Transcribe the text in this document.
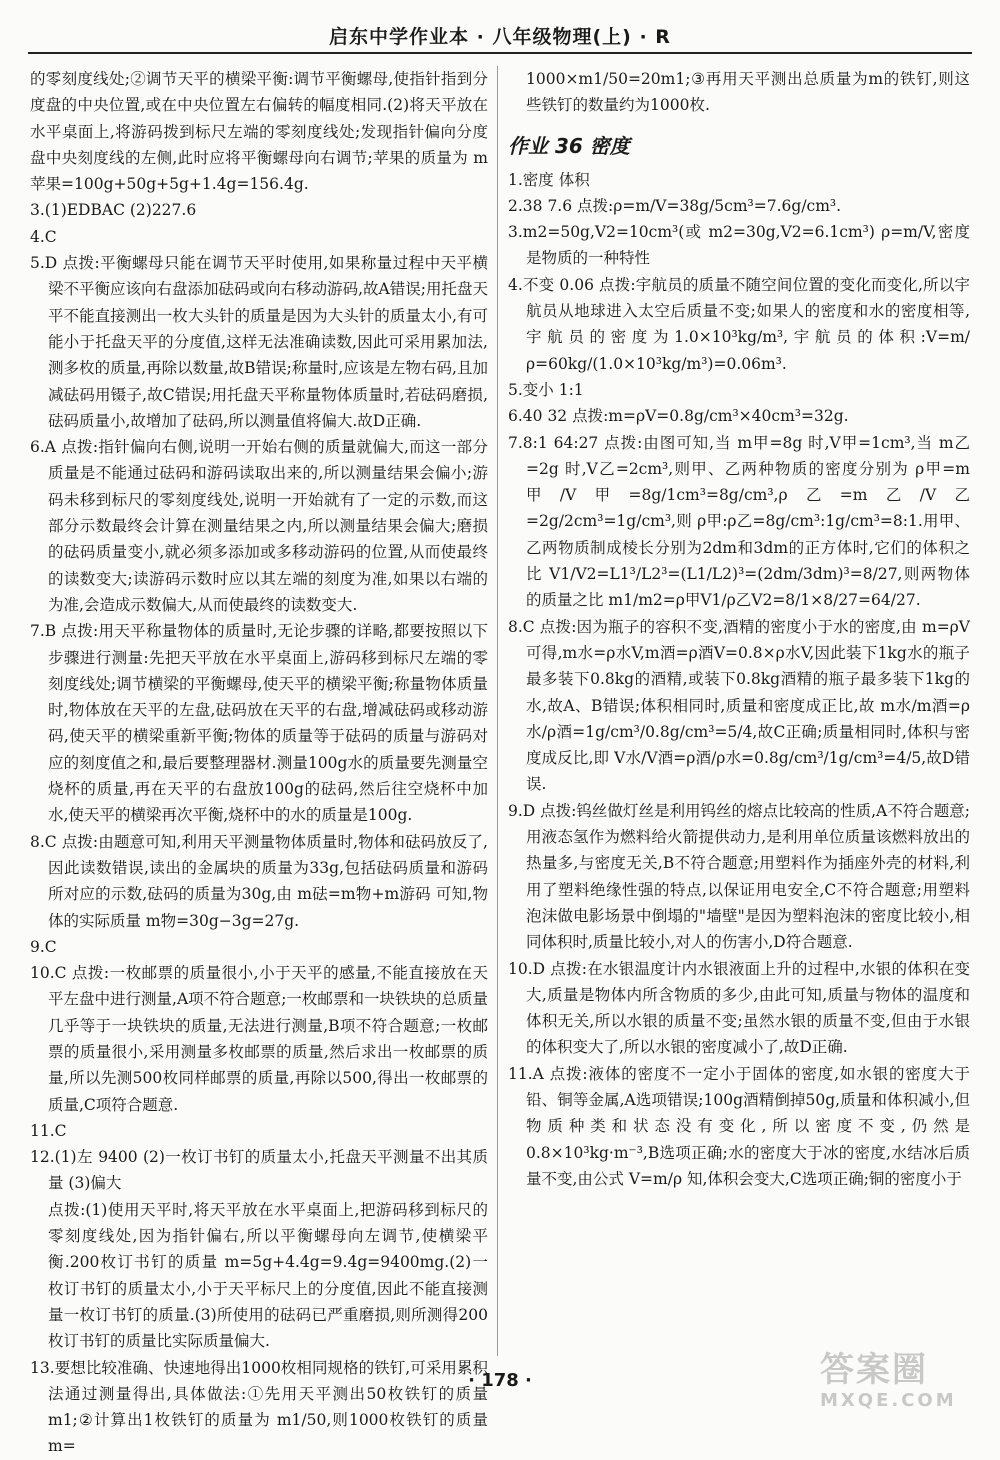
启东中学作业本 · 八年级物理(上) · R

的零刻度线处;②调节天平的横梁平衡:调节平衡螺母,使指针指到分度盘的中央位置,或在中央位置左右偏转的幅度相同.(2)将天平放在水平桌面上,将游码拨到标尺左端的零刻度线处;发现指针偏向分度盘中央刻度线的左侧,此时应将平衡螺母向右调节;苹果的质量为 m苹果=100g+50g+5g+1.4g=156.4g.

3.(1)EDBAC (2)227.6

4.C

5.D 点拨:平衡螺母只能在调节天平时使用,如果称量过程中天平横梁不平衡应该向右盘添加砝码或向右移动游码,故A错误;用托盘天平不能直接测出一枚大头针的质量是因为大头针的质量太小,有可能小于托盘天平的分度值,这样无法准确读数,因此可采用累加法,测多枚的质量,再除以数量,故B错误;称量时,应该是左物右码,且加减砝码用镊子,故C错误;用托盘天平称量物体质量时,若砝码磨损,砝码质量小,故增加了砝码,所以测量值将偏大.故D正确.

6.A 点拨:指针偏向右侧,说明一开始右侧的质量就偏大,而这一部分质量是不能通过砝码和游码读取出来的,所以测量结果会偏小;游码未移到标尺的零刻度线处,说明一开始就有了一定的示数,而这部分示数最终会计算在测量结果之内,所以测量结果会偏大;磨损的砝码质量变小,就必须多添加或多移动游码的位置,从而使最终的读数变大;读游码示数时应以其左端的刻度为准,如果以右端的为准,会造成示数偏大,从而使最终的读数变大.

7.B 点拨:用天平称量物体的质量时,无论步骤的详略,都要按照以下步骤进行测量:先把天平放在水平桌面上,游码移到标尺左端的零刻度线处;调节横梁的平衡螺母,使天平的横梁平衡;称量物体质量时,物体放在天平的左盘,砝码放在天平的右盘,增减砝码或移动游码,使天平的横梁重新平衡;物体的质量等于砝码的质量与游码对应的刻度值之和,最后要整理器材.测量100g水的质量要先测量空烧杯的质量,再在天平的右盘放100g的砝码,然后往空烧杯中加水,使天平的横梁再次平衡,烧杯中的水的质量是100g.

8.C 点拨:由题意可知,利用天平测量物体质量时,物体和砝码放反了,因此读数错误,读出的金属块的质量为33g,包括砝码质量和游码所对应的示数,砝码的质量为30g,由 m砝=m物+m游码 可知,物体的实际质量 m物=30g−3g=27g.

9.C

10.C 点拨:一枚邮票的质量很小,小于天平的感量,不能直接放在天平左盘中进行测量,A项不符合题意;一枚邮票和一块铁块的总质量几乎等于一块铁块的质量,无法进行测量,B项不符合题意;一枚邮票的质量很小,采用测量多枚邮票的质量,然后求出一枚邮票的质量,所以先测500枚同样邮票的质量,再除以500,得出一枚邮票的质量,C项符合题意.

11.C

12.(1)左 9400 (2)一枚订书钉的质量太小,托盘天平测量不出其质量 (3)偏大

点拨:(1)使用天平时,将天平放在水平桌面上,把游码移到标尺的零刻度线处,因为指针偏右,所以平衡螺母向左调节,使横梁平衡.200枚订书钉的质量 m=5g+4.4g=9.4g=9400mg.(2)一枚订书钉的质量太小,小于天平标尺上的分度值,因此不能直接测量一枚订书钉的质量.(3)所使用的砝码已严重磨损,则所测得200枚订书钉的质量比实际质量偏大.

13.要想比较准确、快速地得出1000枚相同规格的铁钉,可采用累积法通过测量得出,具体做法:①先用天平测出50枚铁钉的质量 m1;②计算出1枚铁钉的质量为 m1/50,则1000枚铁钉的质量 m=

1000×m1/50=20m1;③再用天平测出总质量为m的铁钉,则这些铁钉的数量约为1000枚.

作业 36 密度

1.密度 体积

2.38 7.6 点拨:ρ=m/V=38g/5cm³=7.6g/cm³.

3.m2=50g,V2=10cm³(或 m2=30g,V2=6.1cm³) ρ=m/V,密度是物质的一种特性

4.不变 0.06 点拨:宇航员的质量不随空间位置的变化而变化,所以宇航员从地球进入太空后质量不变;如果人的密度和水的密度相等,宇航员的密度为1.0×10³kg/m³,宇航员的体积:V=m/ρ=60kg/(1.0×10³kg/m³)=0.06m³.

5.变小 1:1

6.40 32 点拨:m=ρV=0.8g/cm³×40cm³=32g.

7.8:1 64:27 点拨:由图可知,当 m甲=8g 时,V甲=1cm³,当 m乙=2g 时,V乙=2cm³,则甲、乙两种物质的密度分别为 ρ甲=m甲/V甲=8g/1cm³=8g/cm³,ρ乙=m乙/V乙=2g/2cm³=1g/cm³,则 ρ甲:ρ乙=8g/cm³:1g/cm³=8:1.用甲、乙两物质制成棱长分别为2dm和3dm的正方体时,它们的体积之比 V1/V2=L1³/L2³=(L1/L2)³=(2dm/3dm)³=8/27,则两物体的质量之比 m1/m2=ρ甲V1/ρ乙V2=8/1×8/27=64/27.

8.C 点拨:因为瓶子的容积不变,酒精的密度小于水的密度,由 m=ρV 可得,m水=ρ水V,m酒=ρ酒V=0.8×ρ水V,因此装下1kg水的瓶子最多装下0.8kg的酒精,或装下0.8kg酒精的瓶子最多装下1kg的水,故A、B错误;体积相同时,质量和密度成正比,故 m水/m酒=ρ水/ρ酒=1g/cm³/0.8g/cm³=5/4,故C正确;质量相同时,体积与密度成反比,即 V水/V酒=ρ酒/ρ水=0.8g/cm³/1g/cm³=4/5,故D错误.

9.D 点拨:钨丝做灯丝是利用钨丝的熔点比较高的性质,A不符合题意;用液态氢作为燃料给火箭提供动力,是利用单位质量该燃料放出的热量多,与密度无关,B不符合题意;用塑料作为插座外壳的材料,利用了塑料绝缘性强的特点,以保证用电安全,C不符合题意;用塑料泡沫做电影场景中倒塌的"墙壁"是因为塑料泡沫的密度比较小,相同体积时,质量比较小,对人的伤害小,D符合题意.

10.D 点拨:在水银温度计内水银液面上升的过程中,水银的体积在变大,质量是物体内所含物质的多少,由此可知,质量与物体的温度和体积无关,所以水银的质量不变;虽然水银的质量不变,但由于水银的体积变大了,所以水银的密度减小了,故D正确.

11.A 点拨:液体的密度不一定小于固体的密度,如水银的密度大于铅、铜等金属,A选项错误;100g酒精倒掉50g,质量和体积减小,但物质种类和状态没有变化,所以密度不变,仍然是0.8×10³kg·m⁻³,B选项正确;水的密度大于冰的密度,水结冰后质量不变,由公式 V=m/ρ 知,体积会变大,C选项正确;铜的密度小于

· 178 ·	答案圈
MXQE.COM
